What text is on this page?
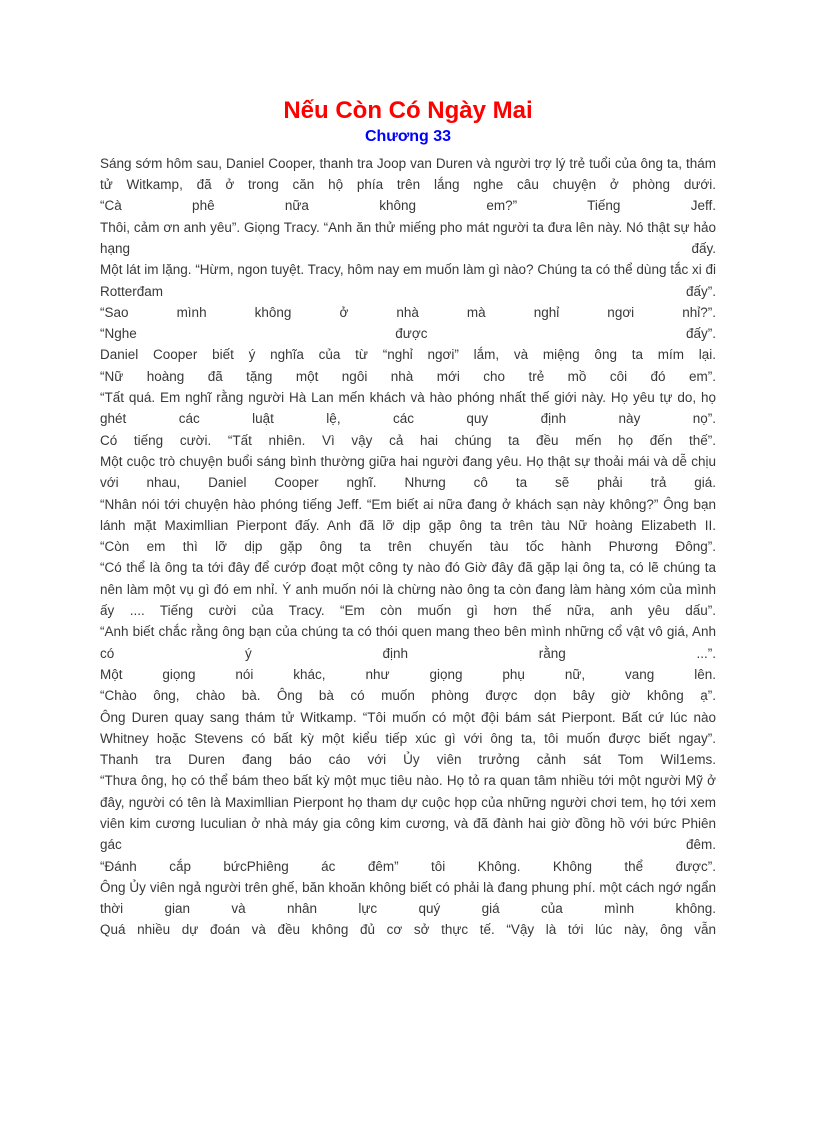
Nếu Còn Có Ngày Mai
Chương 33

Sáng sớm hôm sau, Daniel Cooper, thanh tra Joop van Duren và người trợ lý trẻ tuổi của ông ta, thám tử Witkamp, đã ở trong căn hộ phía trên lắng nghe câu chuyện ở phòng dưới.

“Cà phê nữa không em?” Tiếng Jeff.

Thôi, cảm ơn anh yêu”. Giọng Tracy. “Anh ăn thử miếng pho mát người ta đưa lên này. Nó thật sự hảo hạng đấy.

Một lát im lặng. “Hừm, ngon tuyệt. Tracy, hôm nay em muốn làm gì nào? Chúng ta có thể dùng tắc xi đi Rotterđam đấy”.

“Sao mình không ở nhà mà nghỉ ngơi nhỉ?”.

“Nghe được đấy”.

Daniel Cooper biết ý nghĩa của từ “nghỉ ngơi” lắm, và miệng ông ta mím lại.

“Nữ hoàng đã tặng một ngôi nhà mới cho trẻ mồ côi đó em”.

“Tất quá. Em nghĩ rằng người Hà Lan mến khách và hào phóng nhất thế giới này. Họ yêu tự do, họ ghét các luật lệ, các quy định này nọ”.

Có tiếng cười. “Tất nhiên. Vì vậy cả hai chúng ta đều mến họ đến thế”.

Một cuộc trò chuyện buổi sáng bình thường giữa hai người đang yêu. Họ thật sự thoải mái và dễ chịu với nhau, Daniel Cooper nghĩ. Nhưng cô ta sẽ phải trả giá.

“Nhân nói tới chuyện hào phóng tiếng Jeff. “Em biết ai nữa đang ở khách sạn này không?” Ông bạn lánh mặt Maximllian Pierpont đấy. Anh đã lỡ dịp gặp ông ta trên tàu Nữ hoàng Elizabeth II.

“Còn em thì lỡ dịp gặp ông ta trên chuyến tàu tốc hành Phương Đông”.

“Có thể là ông ta tới đây để cướp đoạt một công ty nào đó Giờ đây đã gặp lại ông ta, có lẽ chúng ta nên làm một vụ gì đó em nhỉ. Ý anh muốn nói là chừng nào ông ta còn đang làm hàng xóm của mình ấy .... Tiếng cười của Tracy. “Em còn muốn gì hơn thế nữa, anh yêu dấu”.

“Anh biết chắc rằng ông bạn của chúng ta có thói quen mang theo bên mình những cổ vật vô giá, Anh có ý định rằng ...”.

Một giọng nói khác, như giọng phụ nữ, vang lên.

“Chào ông, chào bà. Ông bà có muốn phòng được dọn bây giờ không ạ”.

Ông Duren quay sang thám tử Witkamp. “Tôi muốn có một đội bám sát Pierpont. Bất cứ lúc nào Whitney hoặc Stevens có bất kỳ một kiểu tiếp xúc gì với ông ta, tôi muốn được biết ngay”.

Thanh tra Duren đang báo cáo với Ủy viên trưởng cảnh sát Tom Wil1ems.

“Thưa ông, họ có thể bám theo bất kỳ một mục tiêu nào. Họ tỏ ra quan tâm nhiều tới một người Mỹ ở đây, người có tên là Maximllian Pierpont họ tham dự cuộc họp của những người chơi tem, họ tới xem viên kim cương Iuculian ở nhà máy gia công kim cương, và đã đành hai giờ đồng hồ với bức Phiên gác đêm.

“Đánh cắp bứcPhiêng ác đêm” tôi Không. Không thể được”.

Ông Ủy viên ngả người trên ghế, băn khoăn không biết có phải là đang phung phí. một cách ngớ ngẩn thời gian và nhân lực quý giá của mình không.

Quá nhiều dự đoán và đều không đủ cơ sở thực tế. “Vậy là tới lúc này, ông vẫn
